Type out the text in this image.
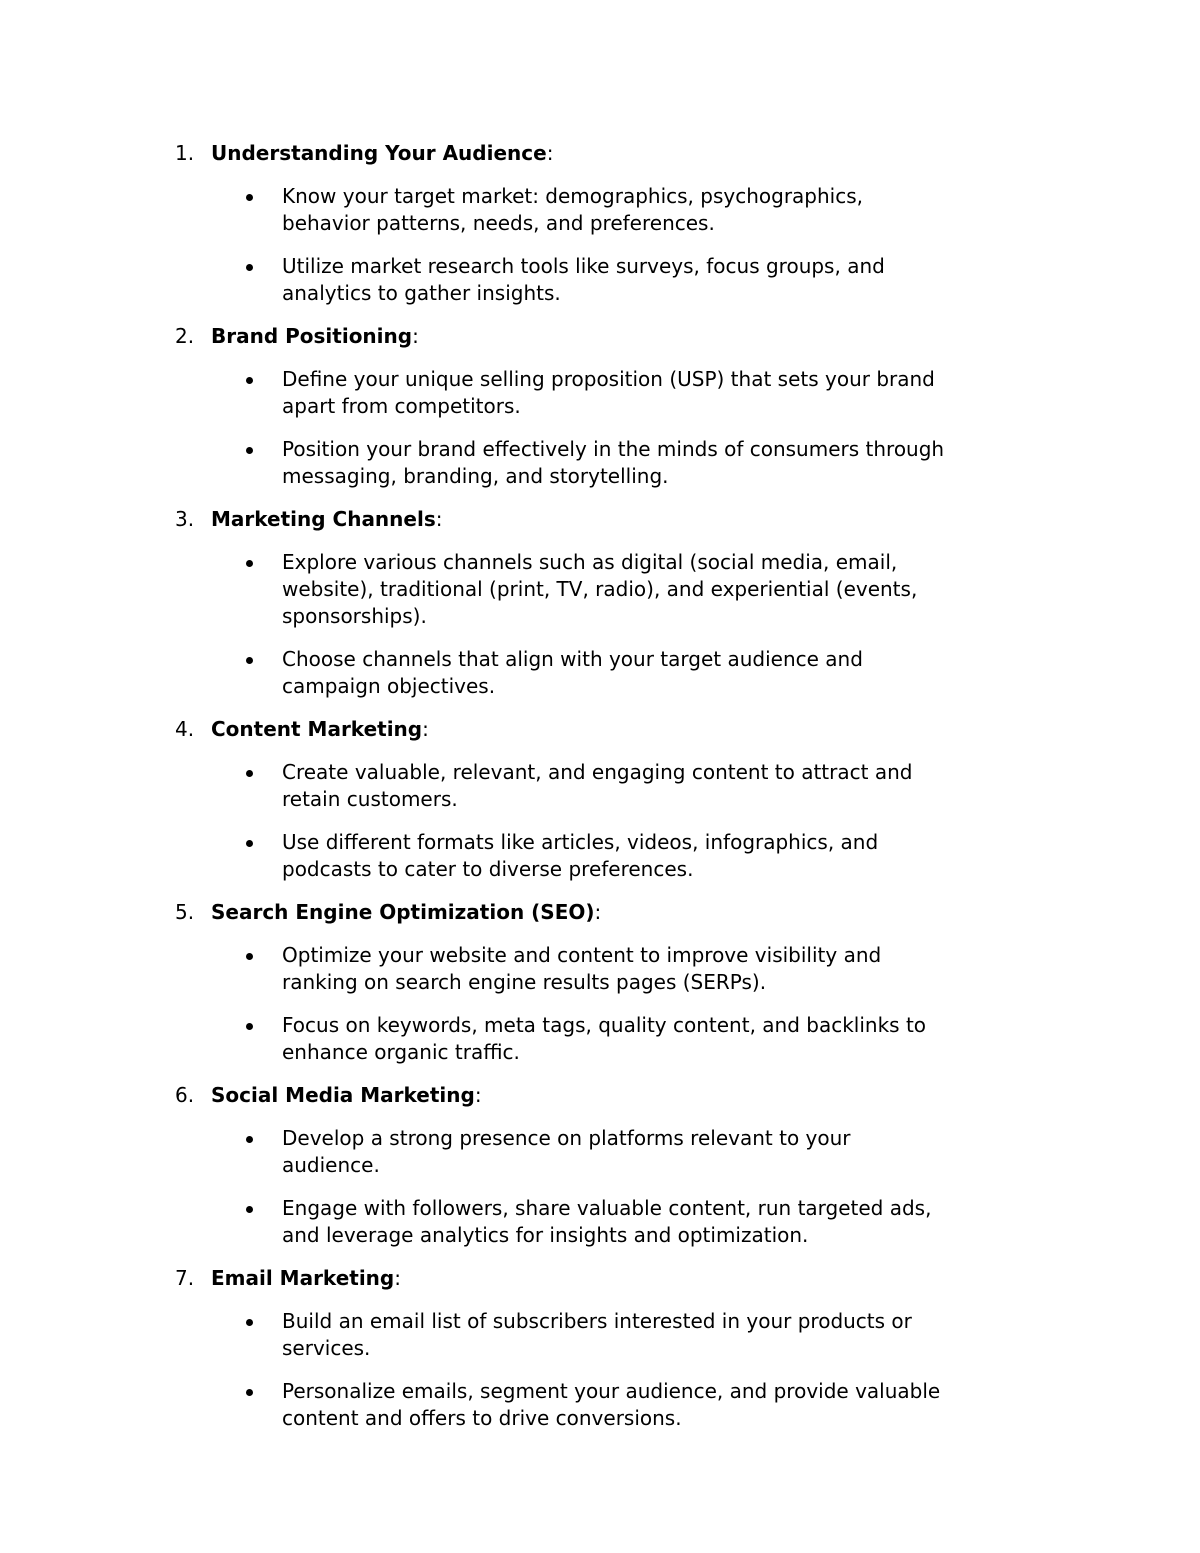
1. Understanding Your Audience:
Know your target market: demographics, psychographics, behavior patterns, needs, and preferences.
Utilize market research tools like surveys, focus groups, and analytics to gather insights.
2. Brand Positioning:
Define your unique selling proposition (USP) that sets your brand apart from competitors.
Position your brand effectively in the minds of consumers through messaging, branding, and storytelling.
3. Marketing Channels:
Explore various channels such as digital (social media, email, website), traditional (print, TV, radio), and experiential (events, sponsorships).
Choose channels that align with your target audience and campaign objectives.
4. Content Marketing:
Create valuable, relevant, and engaging content to attract and retain customers.
Use different formats like articles, videos, infographics, and podcasts to cater to diverse preferences.
5. Search Engine Optimization (SEO):
Optimize your website and content to improve visibility and ranking on search engine results pages (SERPs).
Focus on keywords, meta tags, quality content, and backlinks to enhance organic traffic.
6. Social Media Marketing:
Develop a strong presence on platforms relevant to your audience.
Engage with followers, share valuable content, run targeted ads, and leverage analytics for insights and optimization.
7. Email Marketing:
Build an email list of subscribers interested in your products or services.
Personalize emails, segment your audience, and provide valuable content and offers to drive conversions.
